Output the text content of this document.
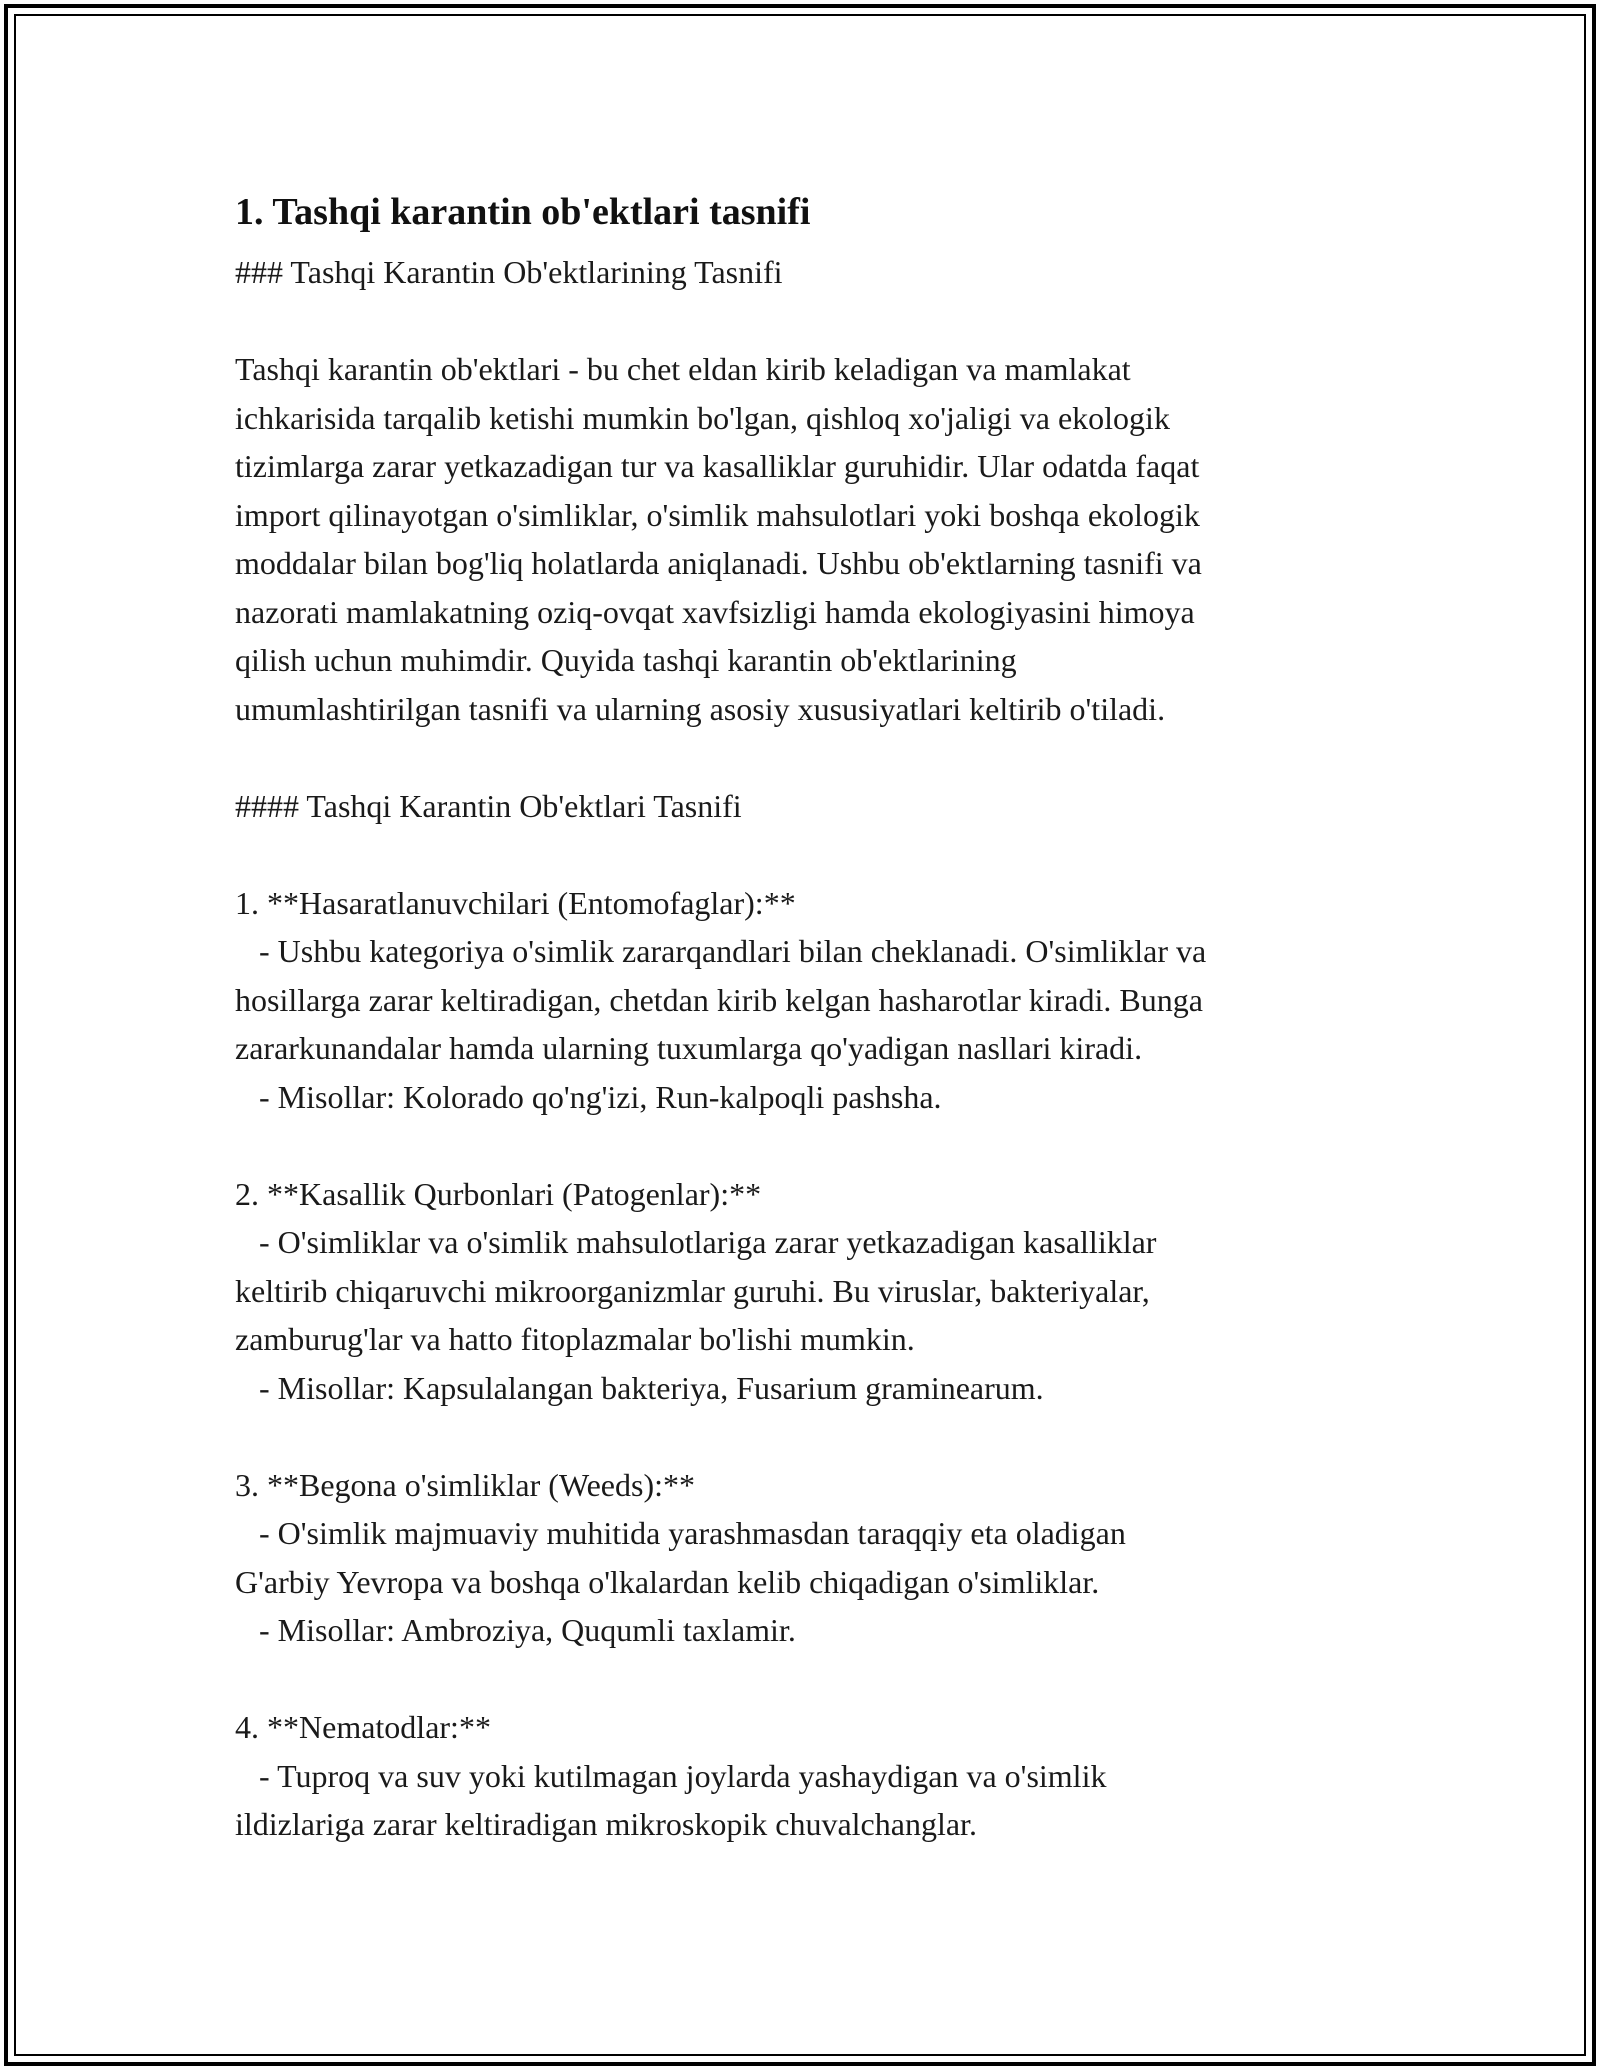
1. Tashqi karantin ob'ektlari tasnifi

### Tashqi Karantin Ob'ektlarining Tasnifi

Tashqi karantin ob'ektlari - bu chet eldan kirib keladigan va mamlakat

ichkarisida tarqalib ketishi mumkin bo'lgan, qishloq xo'jaligi va ekologik

tizimlarga zarar yetkazadigan tur va kasalliklar guruhidir. Ular odatda faqat

import qilinayotgan o'simliklar, o'simlik mahsulotlari yoki boshqa ekologik

moddalar bilan bog'liq holatlarda aniqlanadi. Ushbu ob'ektlarning tasnifi va

nazorati mamlakatning oziq-ovqat xavfsizligi hamda ekologiyasini himoya

qilish uchun muhimdir. Quyida tashqi karantin ob'ektlarining

umumlashtirilgan tasnifi va ularning asosiy xususiyatlari keltirib o'tiladi.

#### Tashqi Karantin Ob'ektlari Tasnifi

1. **Hasaratlanuvchilari (Entomofaglar):**

- Ushbu kategoriya o'simlik zararqandlari bilan cheklanadi. O'simliklar va

hosillarga zarar keltiradigan, chetdan kirib kelgan hasharotlar kiradi. Bunga

zararkunandalar hamda ularning tuxumlarga qo'yadigan nasllari kiradi.

- Misollar: Kolorado qo'ng'izi, Run-kalpoqli pashsha.

2. **Kasallik Qurbonlari (Patogenlar):**

- O'simliklar va o'simlik mahsulotlariga zarar yetkazadigan kasalliklar

keltirib chiqaruvchi mikroorganizmlar guruhi. Bu viruslar, bakteriyalar,

zamburug'lar va hatto fitoplazmalar bo'lishi mumkin.

- Misollar: Kapsulalangan bakteriya, Fusarium graminearum.

3. **Begona o'simliklar (Weeds):**

- O'simlik majmuaviy muhitida yarashmasdan taraqqiy eta oladigan

G'arbiy Yevropa va boshqa o'lkalardan kelib chiqadigan o'simliklar.

- Misollar: Ambroziya, Ququmli taxlamir.

4. **Nematodlar:**

- Tuproq va suv yoki kutilmagan joylarda yashaydigan va o'simlik

ildizlariga zarar keltiradigan mikroskopik chuvalchanglar.
